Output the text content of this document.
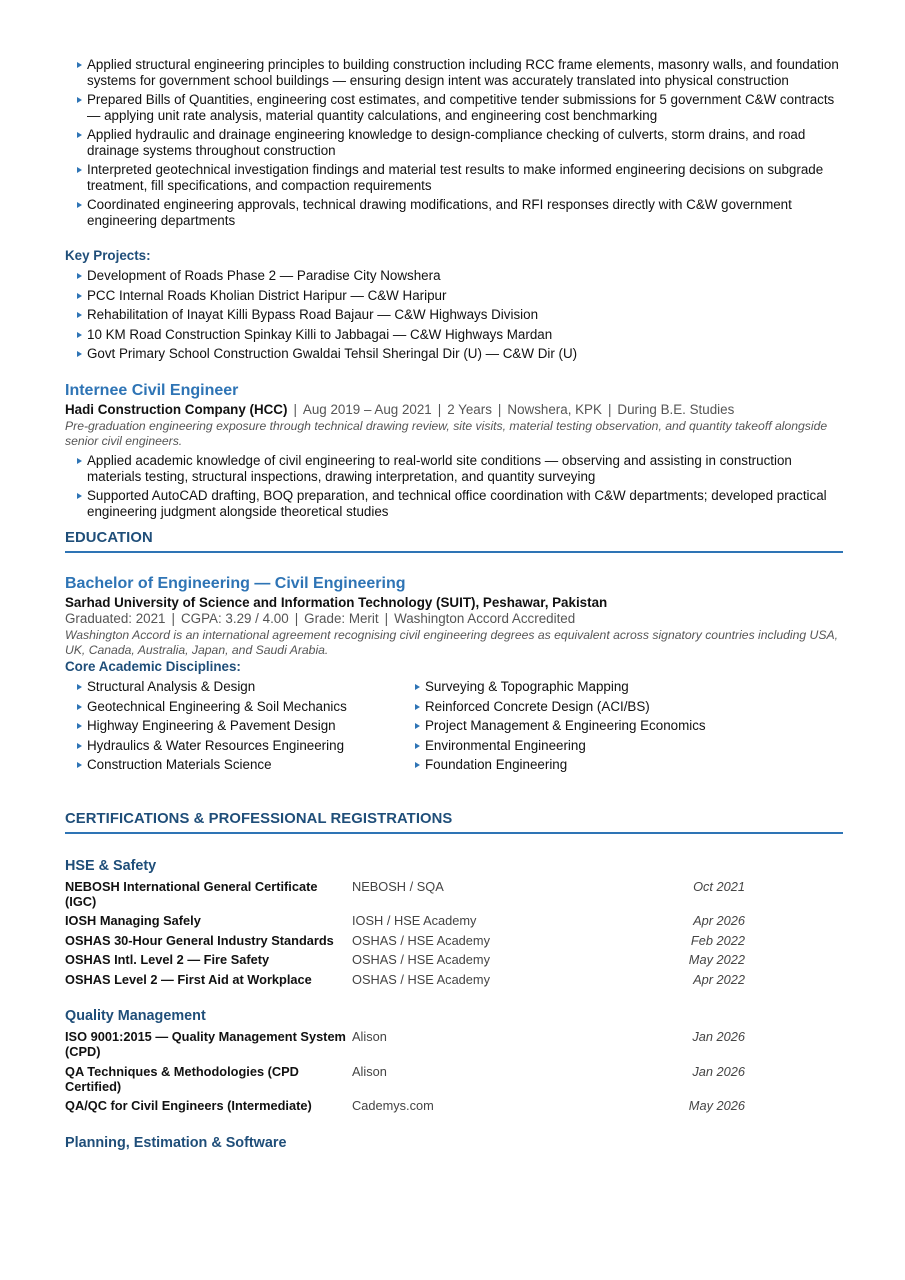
Applied structural engineering principles to building construction including RCC frame elements, masonry walls, and foundation systems for government school buildings — ensuring design intent was accurately translated into physical construction
Prepared Bills of Quantities, engineering cost estimates, and competitive tender submissions for 5 government C&W contracts — applying unit rate analysis, material quantity calculations, and engineering cost benchmarking
Applied hydraulic and drainage engineering knowledge to design-compliance checking of culverts, storm drains, and road drainage systems throughout construction
Interpreted geotechnical investigation findings and material test results to make informed engineering decisions on subgrade treatment, fill specifications, and compaction requirements
Coordinated engineering approvals, technical drawing modifications, and RFI responses directly with C&W government engineering departments
Key Projects:
Development of Roads Phase 2 — Paradise City Nowshera
PCC Internal Roads Kholian District Haripur — C&W Haripur
Rehabilitation of Inayat Killi Bypass Road Bajaur — C&W Highways Division
10 KM Road Construction Spinkay Killi to Jabbagai — C&W Highways Mardan
Govt Primary School Construction Gwaldai Tehsil Sheringal Dir (U) — C&W Dir (U)
Internee Civil Engineer
Hadi Construction Company (HCC) | Aug 2019 – Aug 2021 | 2 Years | Nowshera, KPK | During B.E. Studies
Pre-graduation engineering exposure through technical drawing review, site visits, material testing observation, and quantity takeoff alongside senior civil engineers.
Applied academic knowledge of civil engineering to real-world site conditions — observing and assisting in construction materials testing, structural inspections, drawing interpretation, and quantity surveying
Supported AutoCAD drafting, BOQ preparation, and technical office coordination with C&W departments; developed practical engineering judgment alongside theoretical studies
EDUCATION
Bachelor of Engineering — Civil Engineering
Sarhad University of Science and Information Technology (SUIT), Peshawar, Pakistan
Graduated: 2021 | CGPA: 3.29 / 4.00 | Grade: Merit | Washington Accord Accredited
Washington Accord is an international agreement recognising civil engineering degrees as equivalent across signatory countries including USA, UK, Canada, Australia, Japan, and Saudi Arabia.
Core Academic Disciplines:
Structural Analysis & Design
Geotechnical Engineering & Soil Mechanics
Highway Engineering & Pavement Design
Hydraulics & Water Resources Engineering
Construction Materials Science
Surveying & Topographic Mapping
Reinforced Concrete Design (ACI/BS)
Project Management & Engineering Economics
Environmental Engineering
Foundation Engineering
CERTIFICATIONS & PROFESSIONAL REGISTRATIONS
HSE & Safety
NEBOSH International General Certificate (IGC)	NEBOSH / SQA	Oct 2021
IOSH Managing Safely	IOSH / HSE Academy	Apr 2026
OSHAS 30-Hour General Industry Standards	OSHAS / HSE Academy	Feb 2022
OSHAS Intl. Level 2 — Fire Safety	OSHAS / HSE Academy	May 2022
OSHAS Level 2 — First Aid at Workplace	OSHAS / HSE Academy	Apr 2022
Quality Management
ISO 9001:2015 — Quality Management System (CPD)	Alison	Jan 2026
QA Techniques & Methodologies (CPD Certified)	Alison	Jan 2026
QA/QC for Civil Engineers (Intermediate)	Cademys.com	May 2026
Planning, Estimation & Software
